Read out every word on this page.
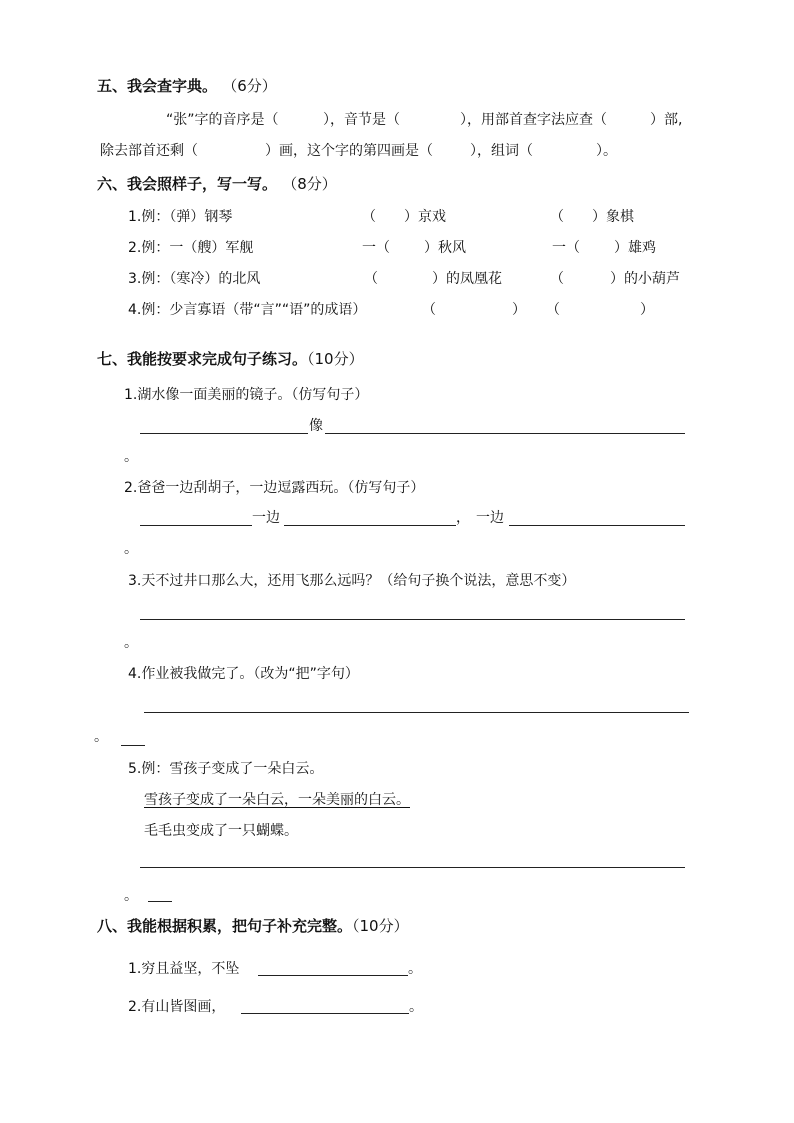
五、我会查字典。 （6分）
“张”字的音序是（	），音节是（	），用部首查字法应查（	）部,
除去部首还剩（	）画，这个字的第四画是（	），组词（	）。
六、我会照样子，写一写。 （8分）
1.例：（弹）钢琴	（ ）京戏	（ ）象棋
2.例：一（艘）军舰	一（ ）秋风	一（ ）雄鸡
3.例：（寒冷）的北风	（	）的凤凰花	（	）的小葫芦
4.例：少言寡语（带“言”“语”的成语）	（	） （	）
七、我能按要求完成句子练习。（10分）
1.湖水像一面美丽的镜子。（仿写句子）
像
。
2.爸爸一边刮胡子，一边逗露西玩。（仿写句子）
一边	， 一边
。
3.天不过井口那么大，还用飞那么远吗？（给句子换个说法，意思不变）
。
4.作业被我做完了。（改为“把”字句）
。
5.例：雪孩子变成了一朵白云。
雪孩子变成了一朵白云，一朵美丽的白云。
毛毛虫变成了一只蝴蝶。
。
八、我能根据积累，把句子补充完整。（10分）
1.穷且益坚，不坠	。
2.有山皆图画，	。
